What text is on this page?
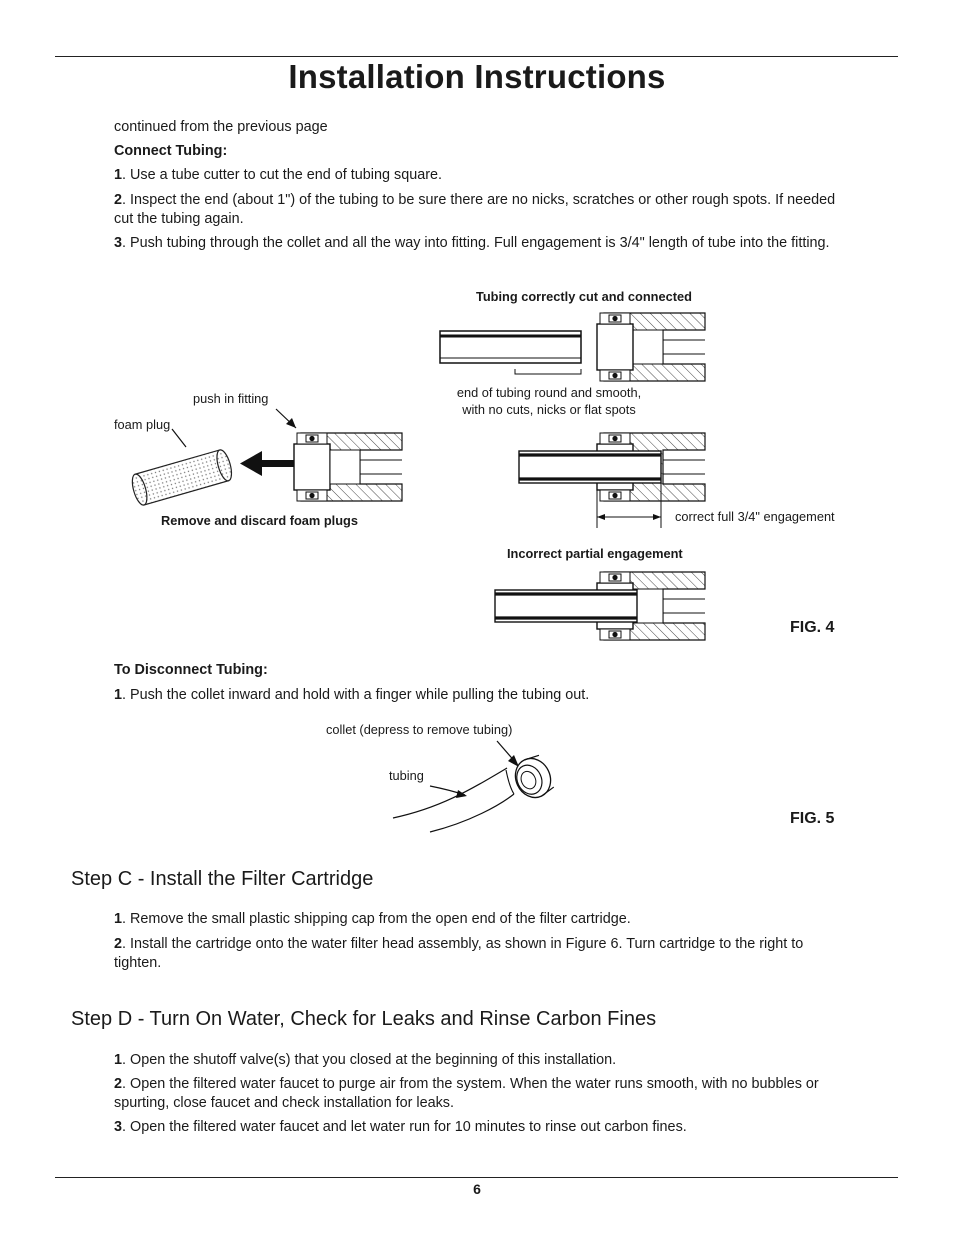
Installation Instructions

continued from the previous page

Connect Tubing:

1. Use a tube cutter to cut the end of tubing square.

2. Inspect the end (about 1") of the tubing to be sure there are no nicks, scratches or other rough spots. If needed cut the tubing again.

3. Push tubing through the collet and all the way into fitting. Full engagement is 3/4" length of tube into the fitting.

Tubing correctly cut and connected
end of tubing round and smooth,
with no cuts, nicks or flat spots
push in fitting
foam plug
Remove and discard foam plugs	correct full 3/4" engagement
Incorrect partial engagement
FIG. 4

To Disconnect Tubing:

1. Push the collet inward and hold with a finger while pulling the tubing out.

collet (depress to remove tubing)
tubing
FIG. 5
Step C - Install the Filter Cartridge

1. Remove the small plastic shipping cap from the open end of the filter cartridge.

2. Install the cartridge onto the water filter head assembly, as shown in Figure 6. Turn cartridge to the right to tighten.

Step D - Turn On Water, Check for Leaks and Rinse Carbon Fines

1. Open the shutoff valve(s) that you closed at the beginning of this installation.

2. Open the filtered water faucet to purge air from the system. When the water runs smooth, with no bubbles or spurting, close faucet and check installation for leaks.

3. Open the filtered water faucet and let water run for 10 minutes to rinse out carbon fines.

6
